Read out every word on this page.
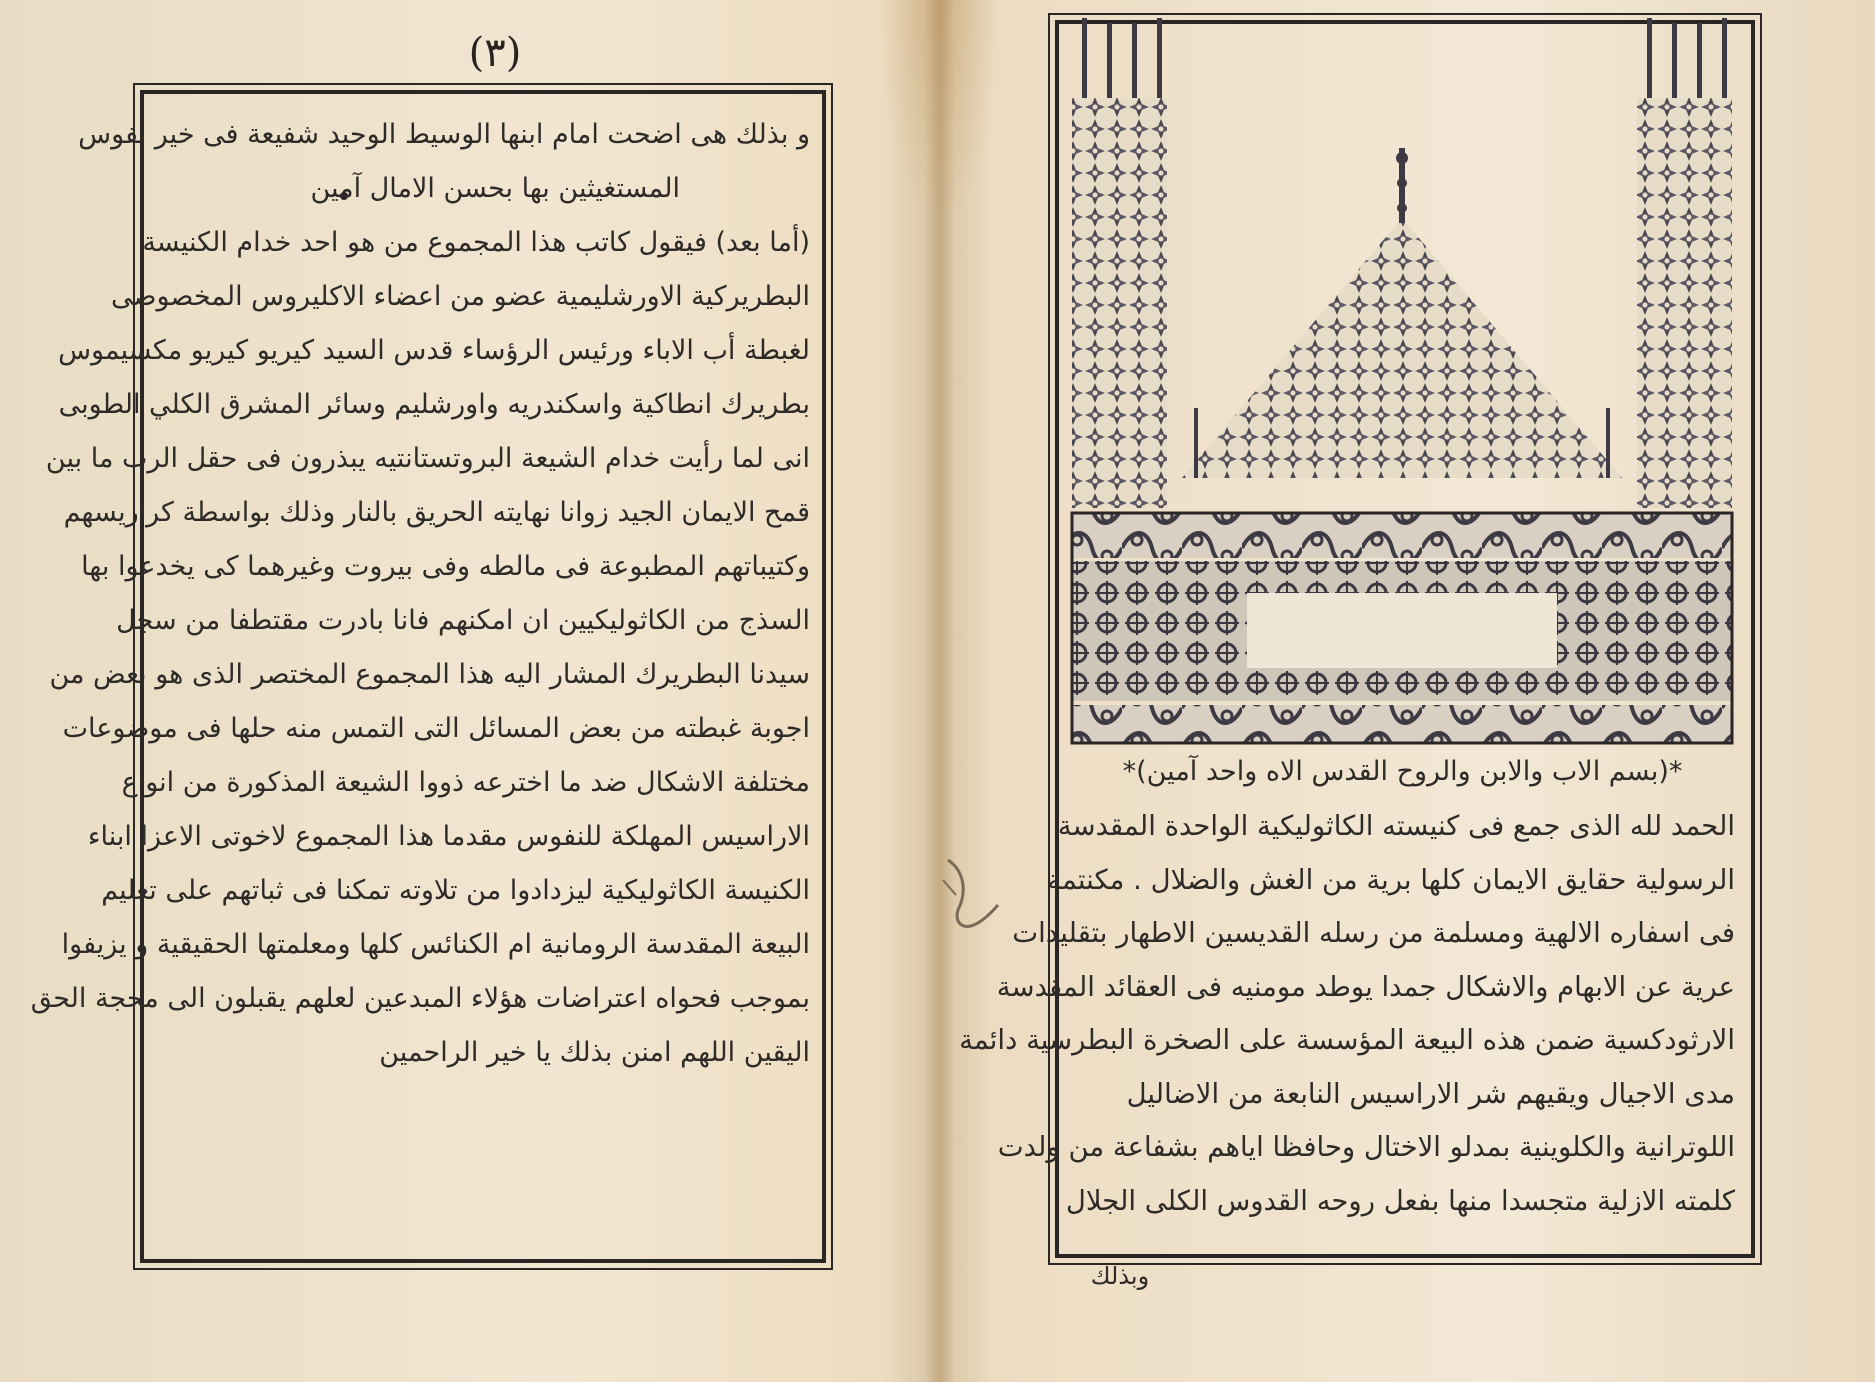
(٣)
و بذلك هى اضحت امام ابنها الوسيط الوحيد شفيعة فى خير نفوس
المستغيثين بها بحسن الامال آمين
(أما بعد) فيقول كاتب هذا المجموع من هو احد خدام الكنيسة
البطريركية الاورشليمية عضو من اعضاء الاكليروس المخصوصى
لغبطة أب الاباء ورئيس الرؤساء قدس السيد كيريو كيريو مكسيموس
بطريرك انطاكية واسكندريه واورشليم وسائر المشرق الكلي الطوبى
انى لما رأيت خدام الشيعة البروتستانتيه يبذرون فى حقل الرب ما بين
قمح الايمان الجيد زوانا نهايته الحريق بالنار وذلك بواسطة كراريسهم
وكتيباتهم المطبوعة فى مالطه وفى بيروت وغيرهما كى يخدعوا بها
السذج من الكاثوليكيين ان امكنهم فانا بادرت مقتطفا من سجل
سيدنا البطريرك المشار اليه هذا المجموع المختصر الذى هو بعض من
اجوبة غبطته من بعض المسائل التى التمس منه حلها فى موضوعات
مختلفة الاشكال ضد ما اخترعه ذووا الشيعة المذكورة من انواع
الاراسيس المهلكة للنفوس مقدما هذا المجموع لاخوتى الاعزا ابناء
الكنيسة الكاثوليكية ليزدادوا من تلاوته تمكنا فى ثباتهم على تعليم
البيعة المقدسة الرومانية ام الكنائس كلها ومعلمتها الحقيقية و يزيفوا
بموجب فحواه اعتراضات هؤلاء المبدعين لعلهم يقبلون الى محجة الحق
اليقين اللهم امنن بذلك يا خير الراحمين
*(بسم الاب والابن والروح القدس الاه واحد آمين)*
الحمد لله الذى جمع فى كنيسته الكاثوليكية الواحدة المقدسة
الرسولية حقايق الايمان كلها برية من الغش والضلال . مكنتمة
فى اسفاره الالهية ومسلمة من رسله القديسين الاطهار بتقليدات
عرية عن الابهام والاشكال جمدا يوطد مومنيه فى العقائد المقدسة
الارثودكسية ضمن هذه البيعة المؤسسة على الصخرة البطرسية دائمة
مدى الاجيال ويقيهم شر الاراسيس النابعة من الاضاليل
اللوترانية والكلوينية بمدلو الاختال وحافظا اياهم بشفاعة من ولدت
كلمته الازلية متجسدا منها بفعل روحه القدوس الكلى الجلال
وبذلك
